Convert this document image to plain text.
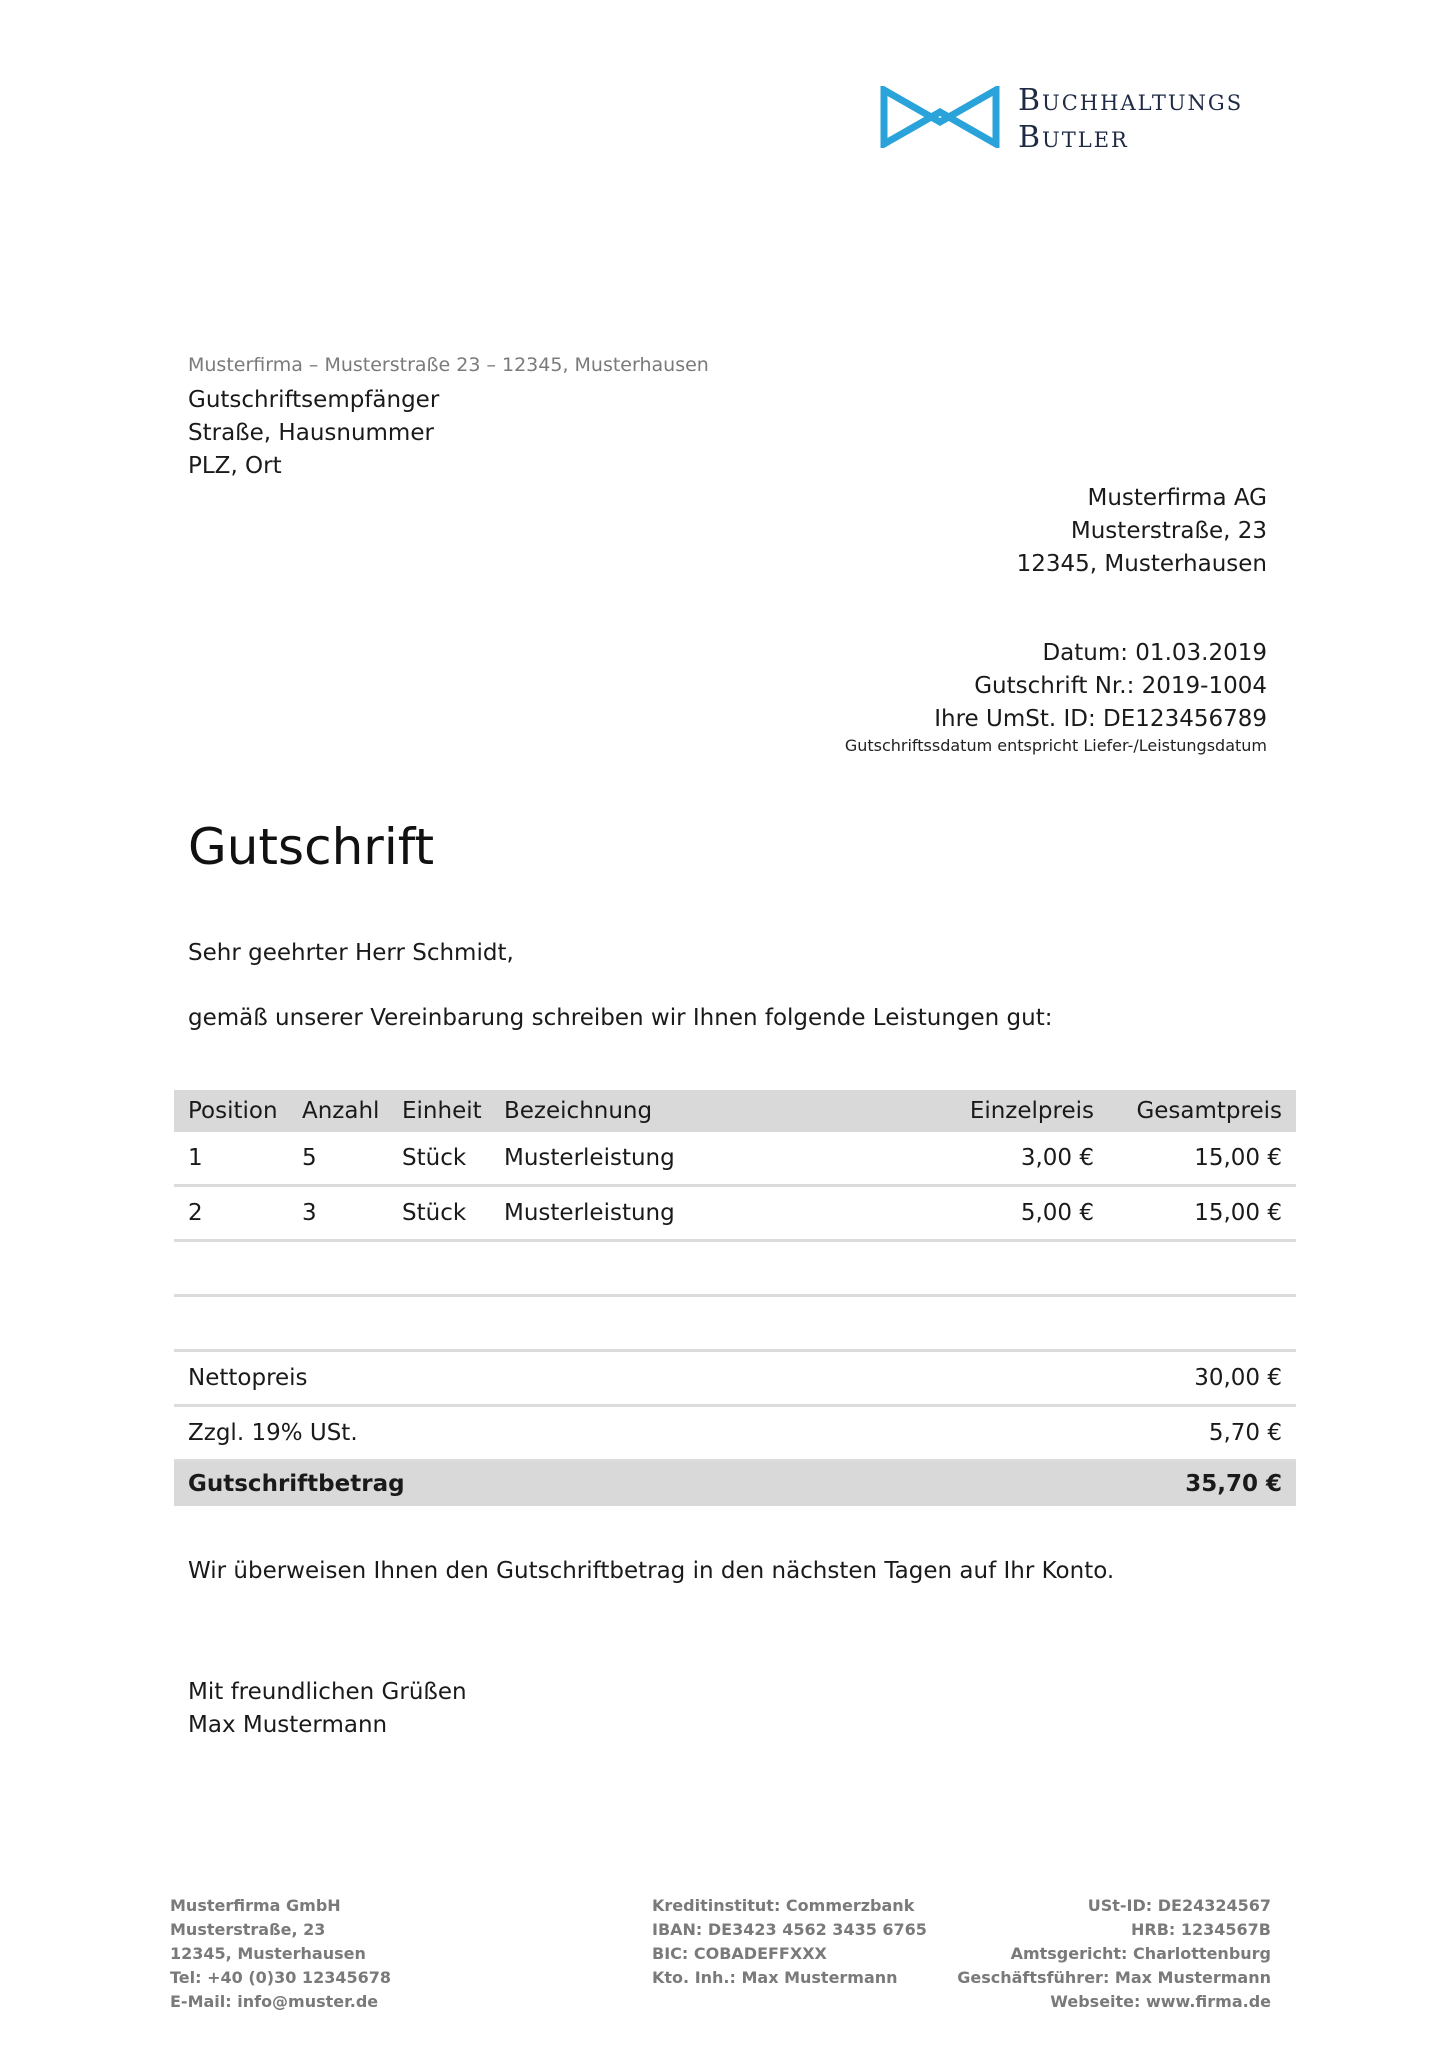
Buchhaltungs
Butler
Musterfirma – Musterstraße 23 – 12345, Musterhausen
Gutschriftsempfänger
Straße, Hausnummer
PLZ, Ort
Musterfirma AG
Musterstraße, 23
12345, Musterhausen
Datum: 01.03.2019
Gutschrift Nr.: 2019-1004
Ihre UmSt. ID: DE123456789
Gutschriftssdatum entspricht Liefer-/Leistungsdatum
Gutschrift
Sehr geehrter Herr Schmidt,
gemäß unserer Vereinbarung schreiben wir Ihnen folgende Leistungen gut:
Position	Anzahl	Einheit	Bezeichnung	Einzelpreis	Gesamtpreis
1	5	Stück	Musterleistung	3,00 €	15,00 €
2	3	Stück	Musterleistung	5,00 €	15,00 €

Nettopreis	30,00 €
Zzgl. 19% USt.	5,70 €
Gutschriftbetrag	35,70 €
Wir überweisen Ihnen den Gutschriftbetrag in den nächsten Tagen auf Ihr Konto.
Mit freundlichen Grüßen
Max Mustermann
Musterfirma GmbH
Musterstraße, 23
12345, Musterhausen
Tel: +40 (0)30 12345678
E-Mail: info@muster.de
Kreditinstitut: Commerzbank
IBAN: DE3423 4562 3435 6765
BIC: COBADEFFXXX
Kto. Inh.: Max Mustermann
USt-ID: DE24324567
HRB: 1234567B
Amtsgericht: Charlottenburg
Geschäftsführer: Max Mustermann
Webseite: www.firma.de
